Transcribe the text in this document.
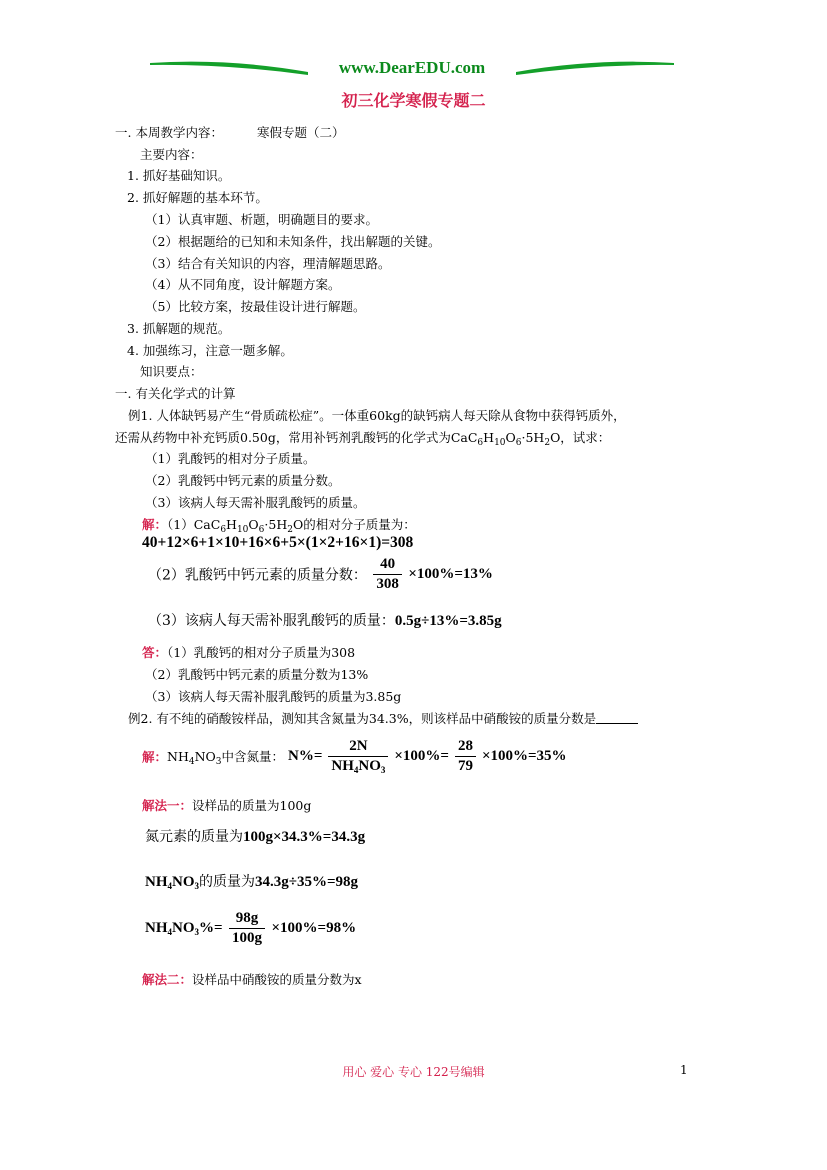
www.DearEDU.com
初三化学寒假专题二
一. 本周教学内容：	寒假专题（二）
主要内容：
1. 抓好基础知识。
2. 抓好解题的基本环节。
（1）认真审题、析题，明确题目的要求。
（2）根据题给的已知和未知条件，找出解题的关键。
（3）结合有关知识的内容，理清解题思路。
（4）从不同角度，设计解题方案。
（5）比较方案，按最佳设计进行解题。
3. 抓解题的规范。
4. 加强练习，注意一题多解。
知识要点：
一. 有关化学式的计算
例1. 人体缺钙易产生“骨质疏松症”。一体重60kg的缺钙病人每天除从食物中获得钙质外，
还需从药物中补充钙质0.50g，常用补钙剂乳酸钙的化学式为$CaC_6H_{10}O_6\cdot 5H_2O$，试求：
（1）乳酸钙的相对分子质量。
（2）乳酸钙中钙元素的质量分数。
（3）该病人每天需补服乳酸钙的质量。
解：$(1)CaC_6H_{10}O_6\cdot 5H_2O$的相对分子质量为：
40+12×6+1×10+16×6+5×(1×2+16×1)=308
（2）乳酸钙中钙元素的质量分数： $\frac{40}{308} \times 100\%=13\%$
（3）该病人每天需补服乳酸钙的质量：0.5g÷13%=3.85g
答：（1）乳酸钙的相对分子质量为308
（2）乳酸钙中钙元素的质量分数为13%
（3）该病人每天需补服乳酸钙的质量为3.85g
例2. 有不纯的硝酸铵样品，测知其含氮量为34.3%，则该样品中硝酸铵的质量分数是
解：$NH_4NO_3$中含氮量： $N\%= \frac{2N}{NH_4NO_3} \times 100\%= \frac{28}{79} \times 100\%=35\%$
解法一：设样品的质量为100g
氮元素的质量为100g×34.3%=34.3g
$NH_4NO_3$的质量为34.3g÷35%=98g
$NH_4NO_3\%= \frac{98g}{100g} \times 100\%=98\%$
解法二：设样品中硝酸铵的质量分数为x
用心 爱心 专心 122号编辑	1
